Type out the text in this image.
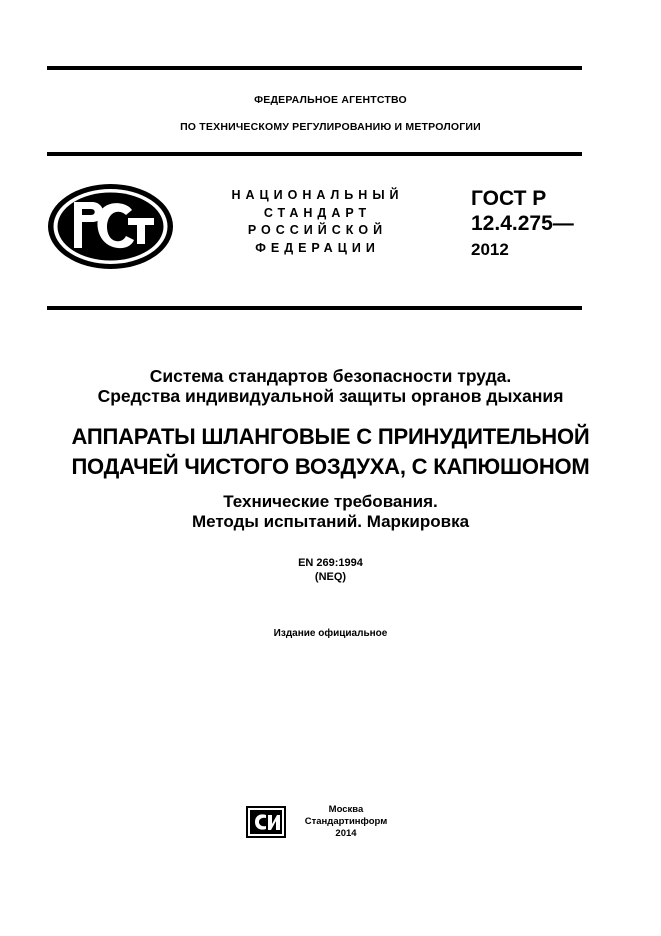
ФЕДЕРАЛЬНОЕ АГЕНТСТВО
ПО ТЕХНИЧЕСКОМУ РЕГУЛИРОВАНИЮ И МЕТРОЛОГИИ
РСТ
НАЦИОНАЛЬНЫЙ
СТАНДАРТ
РОССИЙСКОЙ
ФЕДЕРАЦИИ
ГОСТ Р
12.4.275—
2012
Система стандартов безопасности труда.
Средства индивидуальной защиты органов дыхания
АППАРАТЫ ШЛАНГОВЫЕ С ПРИНУДИТЕЛЬНОЙ
ПОДАЧЕЙ ЧИСТОГО ВОЗДУХА, С КАПЮШОНОМ
Технические требования.
Методы испытаний. Маркировка
EN 269:1994
(NEQ)
Издание официальное
Москва
Стандартинформ
2014
